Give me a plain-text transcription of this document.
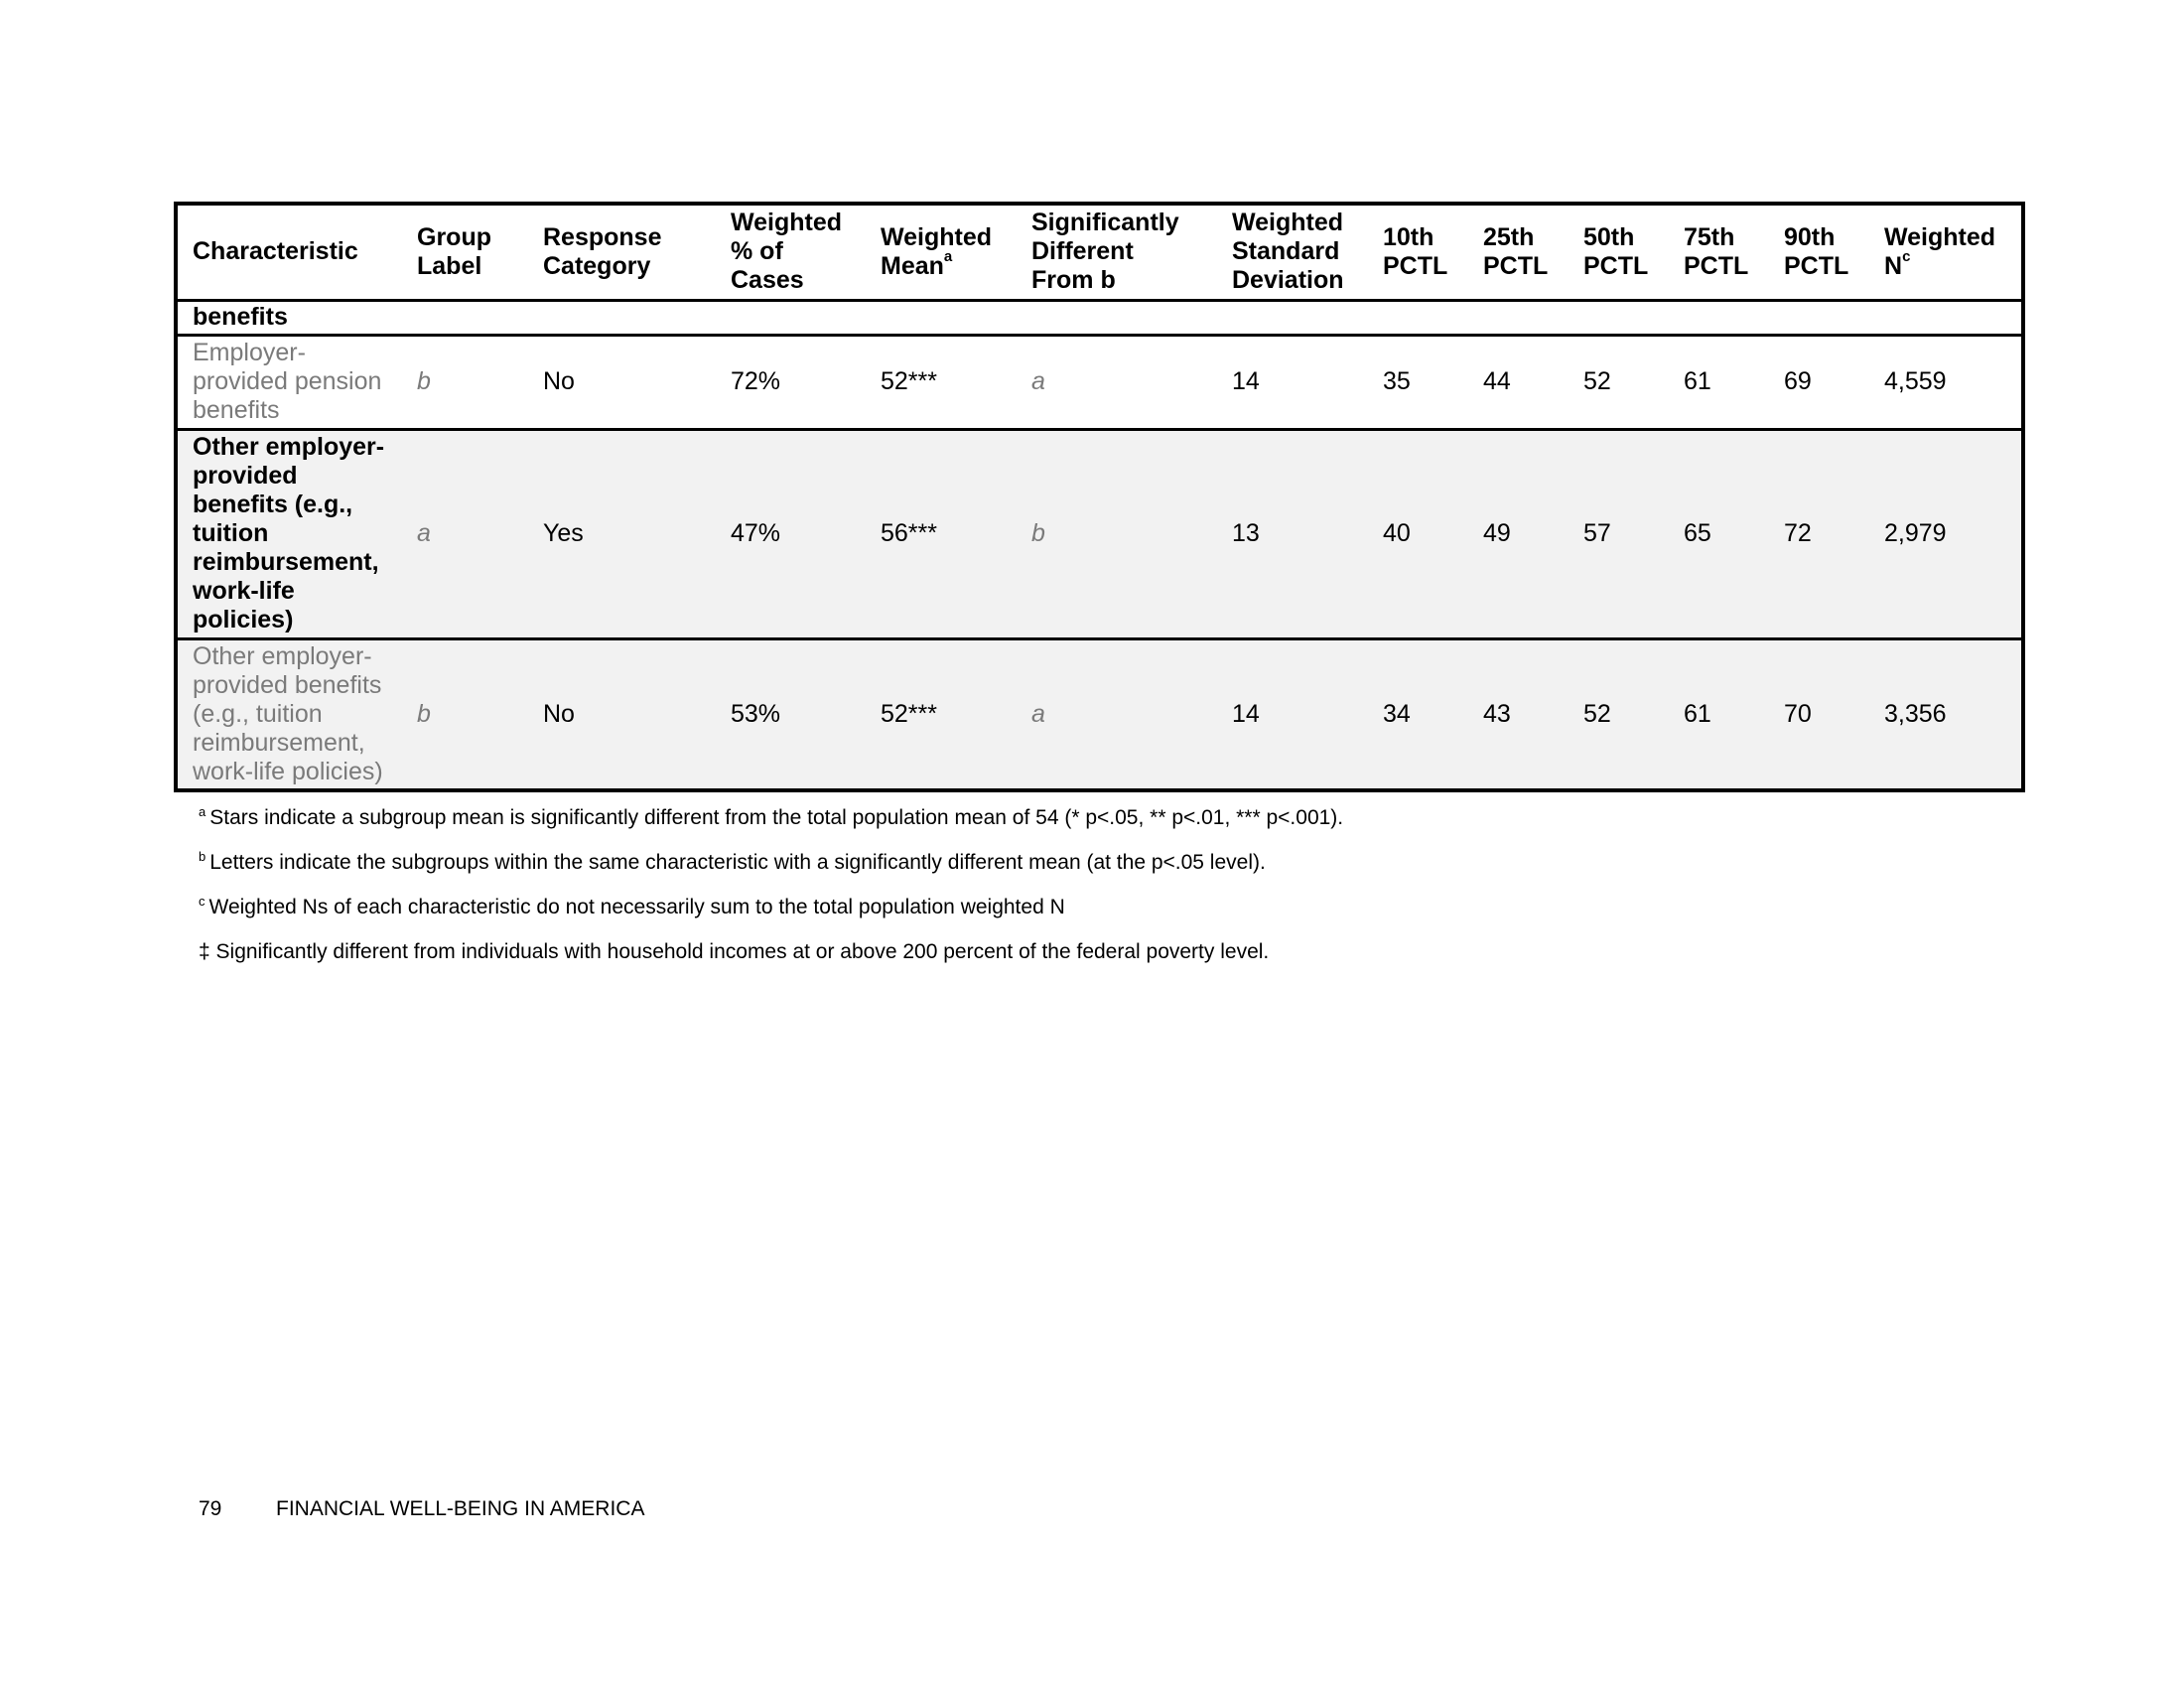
Characteristic	Group Label	Response Category	Weighted % of Cases	Weighted Mean$^a$	Significantly Different From b	Weighted Standard Deviation	10th PCTL	25th PCTL	50th PCTL	75th PCTL	90th PCTL	Weighted N$^c$
benefits												
Employer-provided pension benefits	b	No	72%	52***	a	14	35	44	52	61	69	4,559
Other employer-provided benefits (e.g., tuition reimbursement, work-life policies)	a	Yes	47%	56***	b	13	40	49	57	65	72	2,979
Other employer-provided benefits (e.g., tuition reimbursement, work-life policies)	b	No	53%	52***	a	14	34	43	52	61	70	3,356
$^a$ Stars indicate a subgroup mean is significantly different from the total population mean of 54 (* p<.05, ** p<.01, *** p<.001).
$^b$ Letters indicate the subgroups within the same characteristic with a significantly different mean (at the p<.05 level).
$^c$ Weighted Ns of each characteristic do not necessarily sum to the total population weighted N
‡ Significantly different from individuals with household incomes at or above 200 percent of the federal poverty level.
79	FINANCIAL WELL-BEING IN AMERICA
